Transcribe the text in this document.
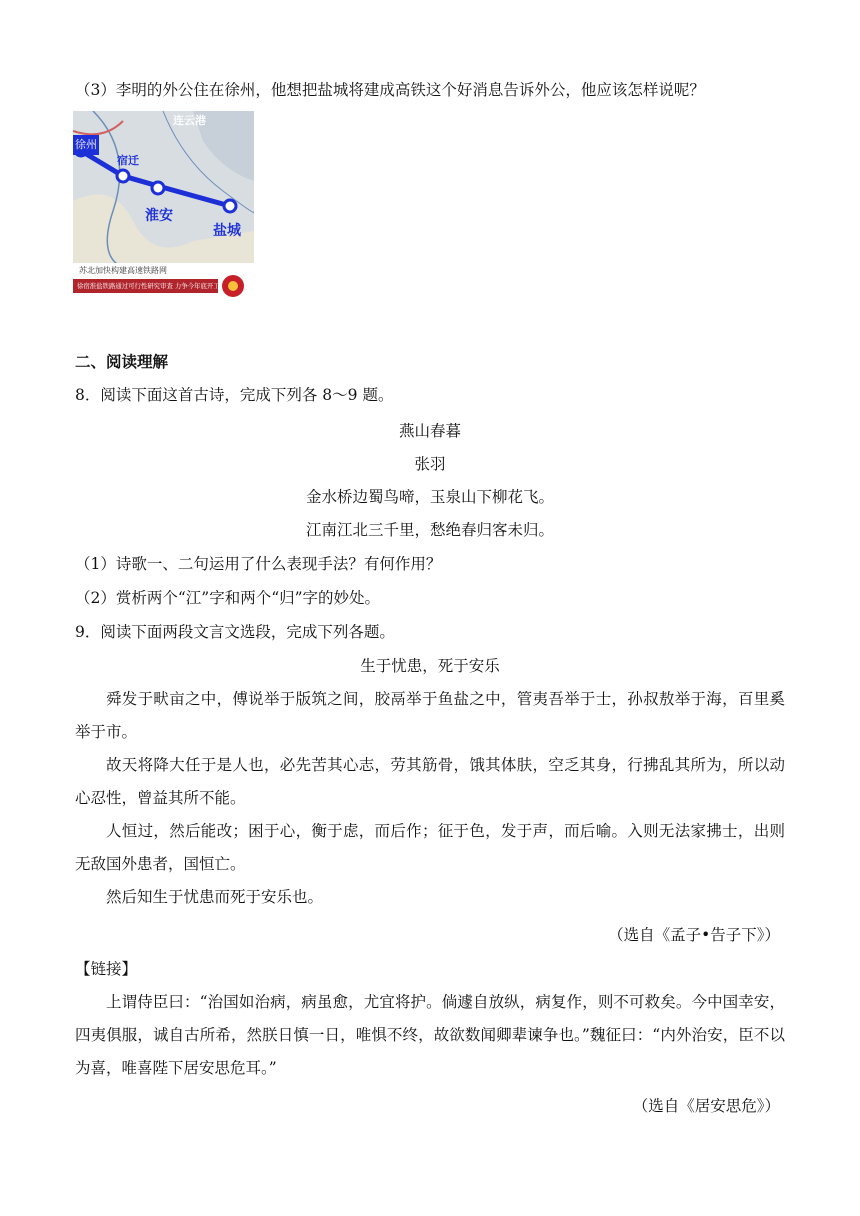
（3）李明的外公住在徐州，他想把盐城将建成高铁这个好消息告诉外公，他应该怎样说呢？
徐州
宿迁
淮安
盐城
连云港
苏北加快构建高速铁路网
徐宿淮盐铁路通过可行性研究审查 力争今年底开工
二、阅读理解
8．阅读下面这首古诗，完成下列各 8～9 题。
燕山春暮
张羽
金水桥边蜀鸟啼，玉泉山下柳花飞。
江南江北三千里，愁绝春归客未归。
（1）诗歌一、二句运用了什么表现手法？有何作用？
（2）赏析两个“江”字和两个“归”字的妙处。
9．阅读下面两段文言文选段，完成下列各题。
生于忧患，死于安乐
舜发于畎亩之中，傅说举于版筑之间，胶鬲举于鱼盐之中，管夷吾举于士，孙叔敖举于海，百里奚举于市。
故天将降大任于是人也，必先苦其心志，劳其筋骨，饿其体肤，空乏其身，行拂乱其所为，所以动心忍性，曾益其所不能。
人恒过，然后能改；困于心，衡于虑，而后作；征于色，发于声，而后喻。入则无法家拂士，出则无敌国外患者，国恒亡。
然后知生于忧患而死于安乐也。
（选自《孟子•告子下》）
【链接】
上谓侍臣曰：“治国如治病，病虽愈，尤宜将护。倘遽自放纵，病复作，则不可救矣。今中国幸安，四夷俱服，诚自古所希，然朕日慎一日，唯惧不终，故欲数闻卿辈谏争也。”魏征曰：“内外治安，臣不以为喜，唯喜陛下居安思危耳。”
（选自《居安思危》）
